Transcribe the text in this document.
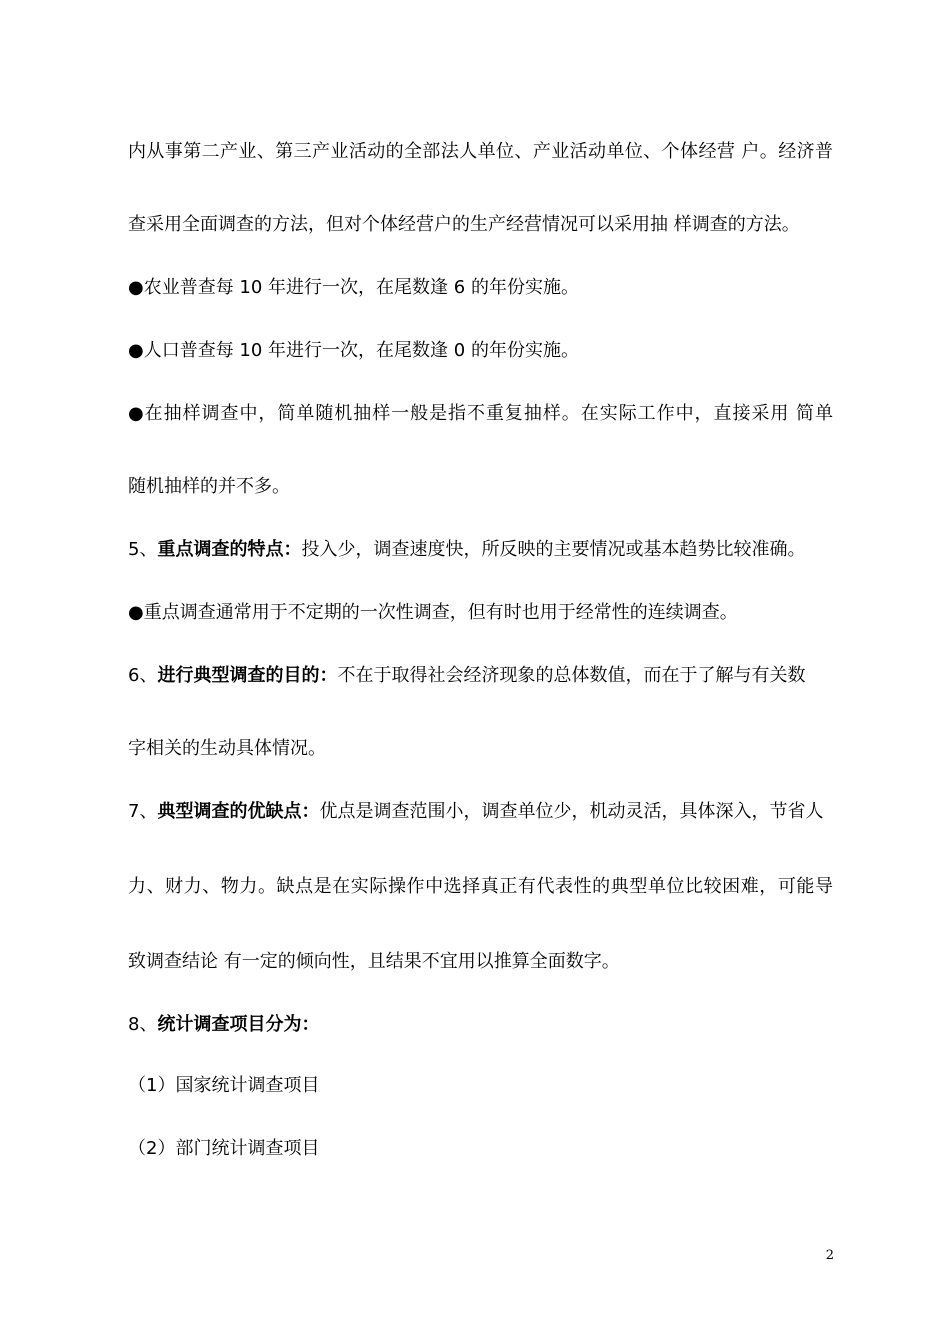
内从事第二产业、第三产业活动的全部法人单位、产业活动单位、个体经营 户。经济普
查采用全面调查的方法，但对个体经营户的生产经营情况可以采用抽 样调查的方法。
●农业普查每 10 年进行一次，在尾数逢 6 的年份实施。
●人口普查每 10 年进行一次，在尾数逢 0 的年份实施。
●在抽样调查中，简单随机抽样一般是指不重复抽样。在实际工作中，直接采用 简单
随机抽样的并不多。
5、重点调查的特点：投入少，调查速度快，所反映的主要情况或基本趋势比较准确。
●重点调查通常用于不定期的一次性调查，但有时也用于经常性的连续调查。
6、进行典型调查的目的：不在于取得社会经济现象的总体数值，而在于了解与有关数
字相关的生动具体情况。
7、典型调查的优缺点：优点是调查范围小，调查单位少，机动灵活，具体深入，节省人
力、财力、物力。缺点是在实际操作中选择真正有代表性的典型单位比较困难，可能导
致调查结论 有一定的倾向性，且结果不宜用以推算全面数字。
8、统计调查项目分为：
（1）国家统计调查项目
（2）部门统计调查项目
2
